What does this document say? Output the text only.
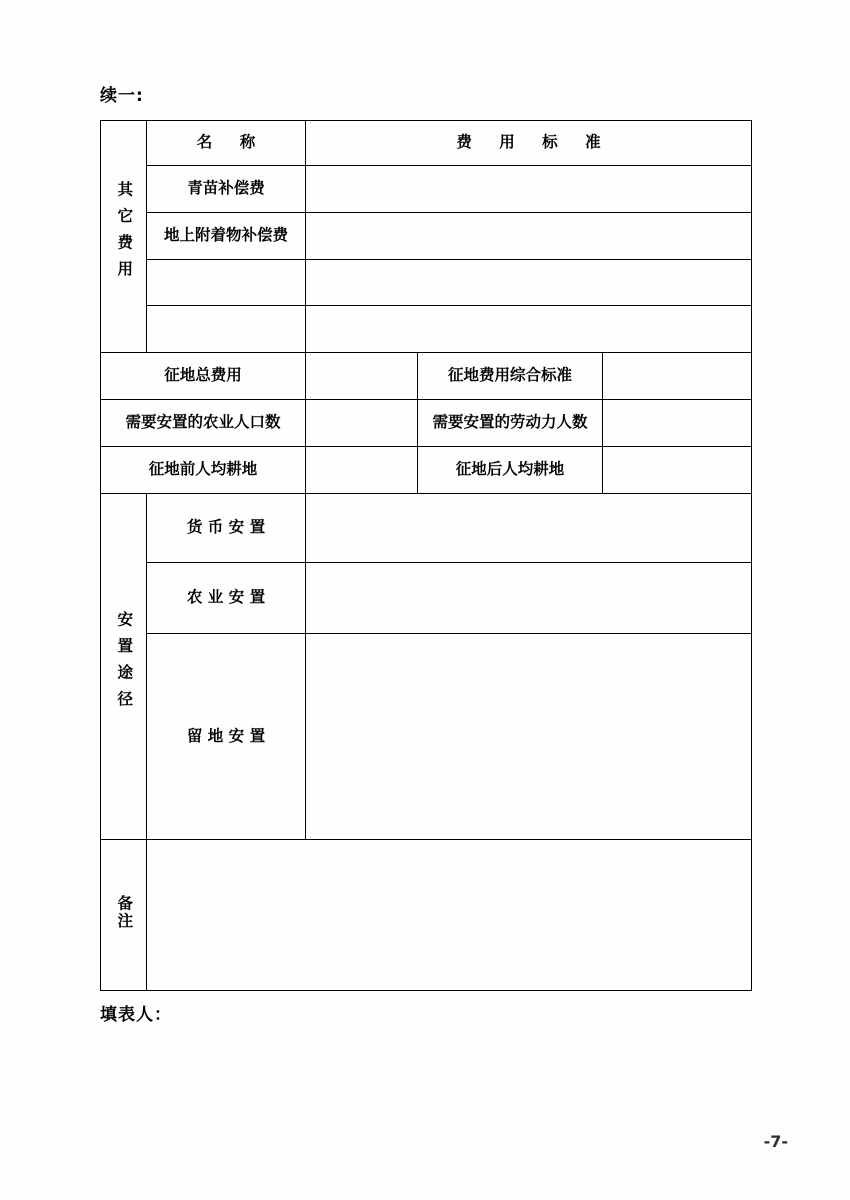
续一:
其它费用	名 称	费 用 标 准		
	青苗补偿费			
	地上附着物补偿费			

征地总费用			征地费用综合标准	
需要安置的农业人口数			需要安置的劳动力人数	
征地前人均耕地			征地后人均耕地	
安置途径	货 币 安 置			
	农 业 安 置			
	留 地 安 置			
备注				
填表人：
-7-
